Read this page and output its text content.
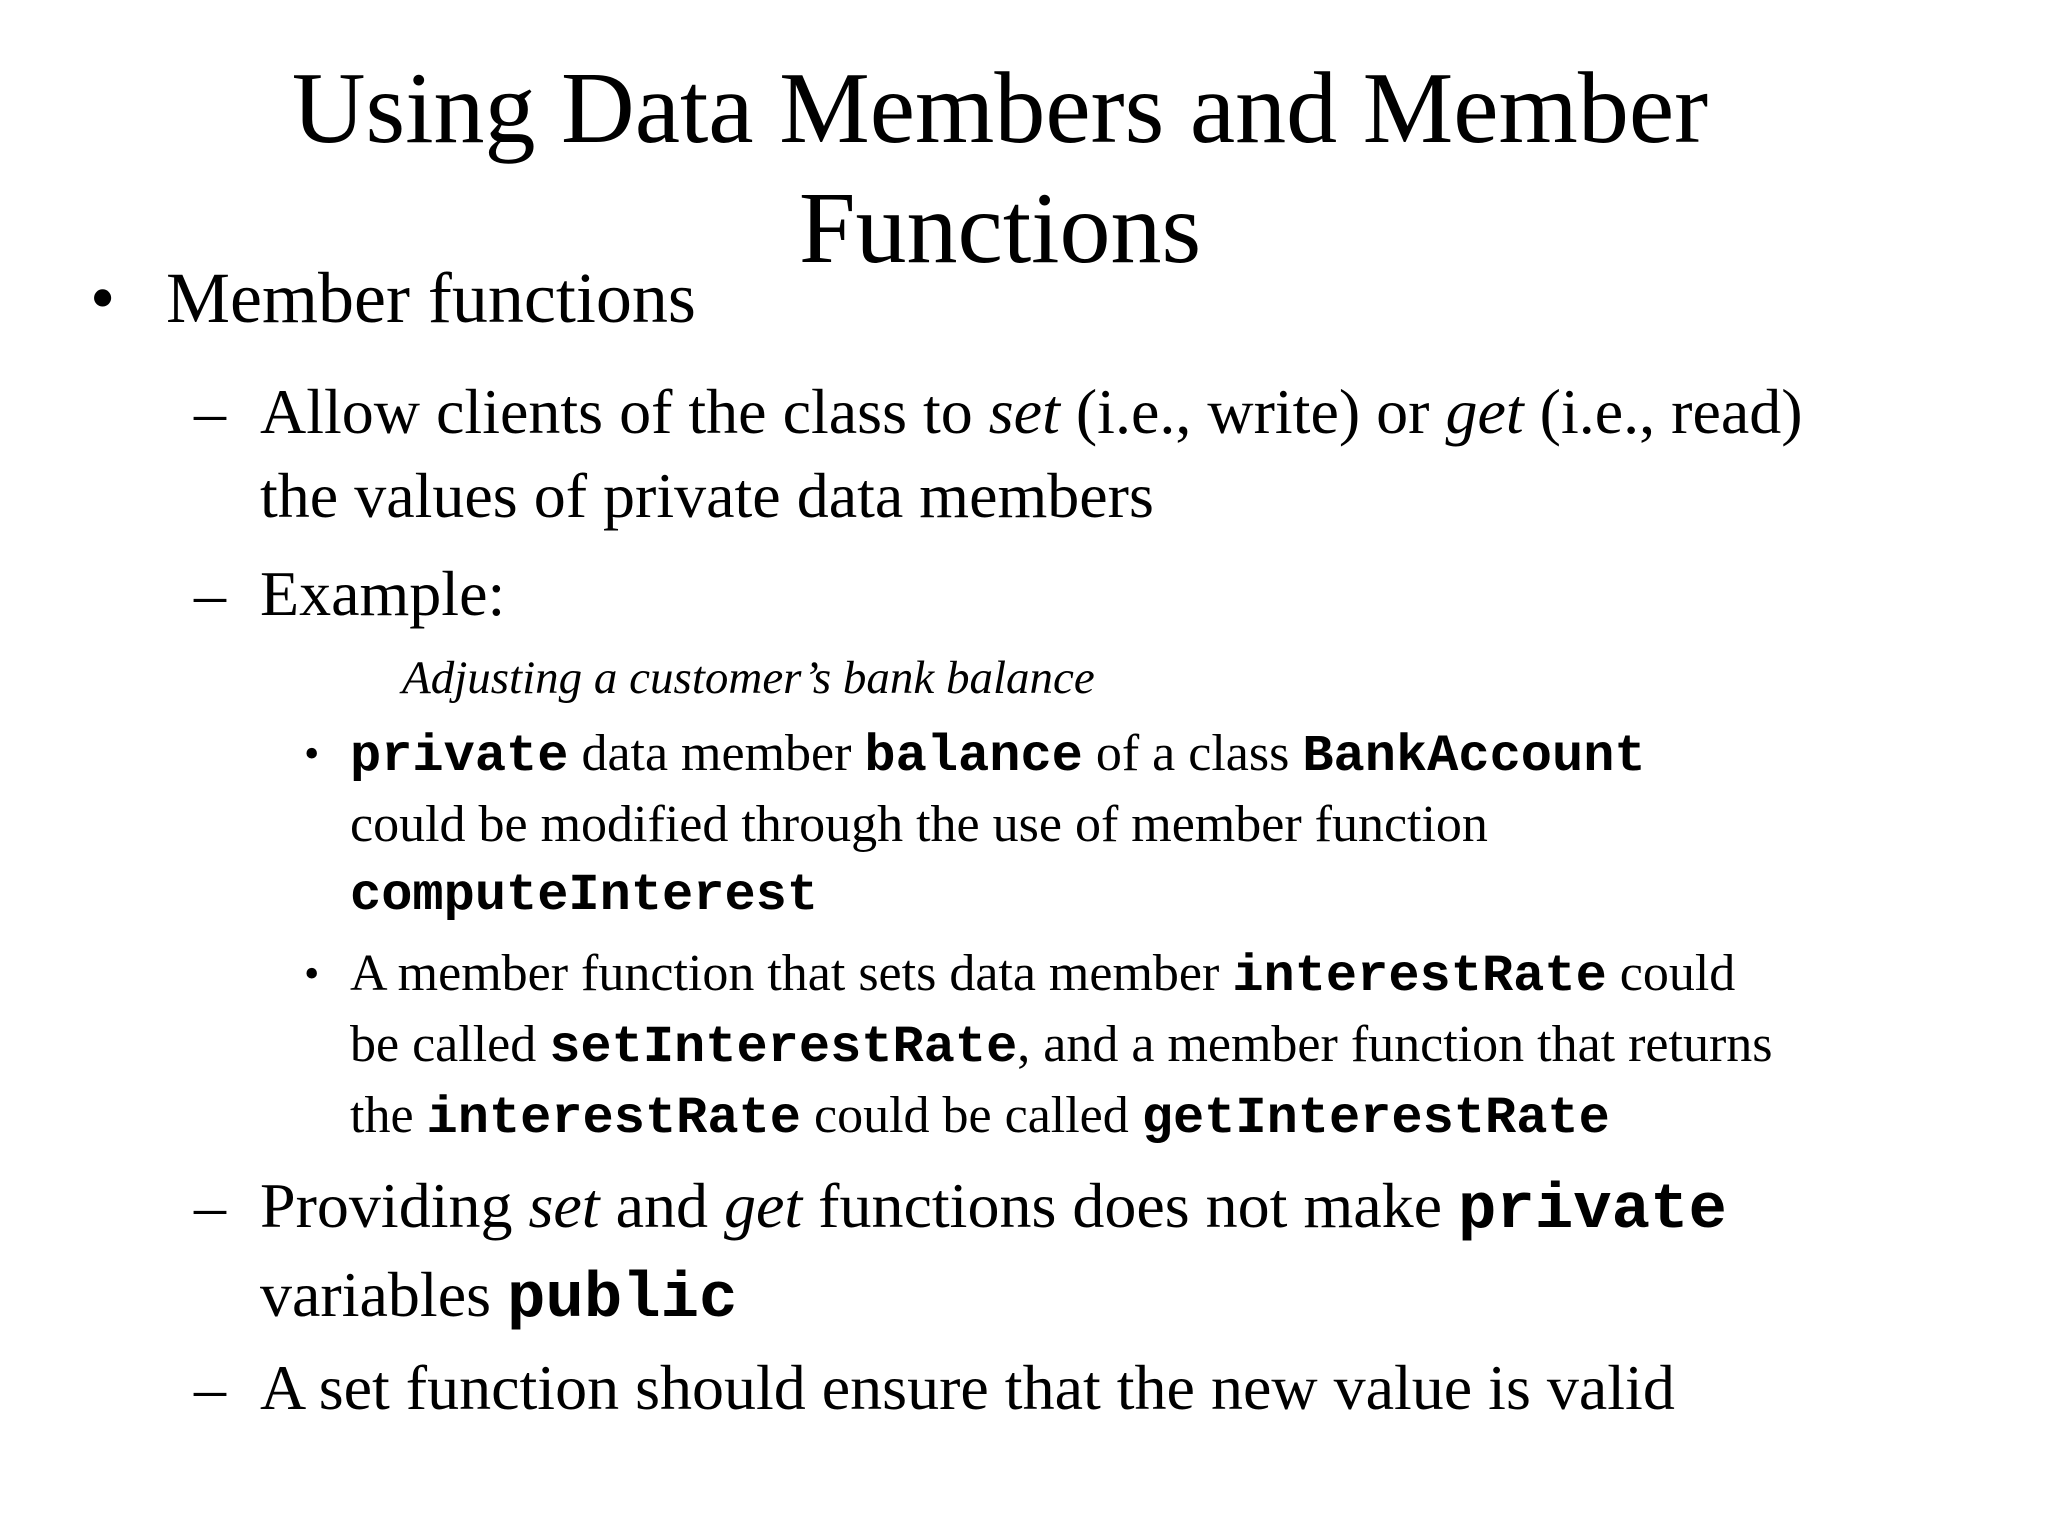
Using Data Members and Member
Functions
• Member functions
– Allow clients of the class to set (i.e., write) or get (i.e., read)
the values of private data members
– Example:
Adjusting a customer’s bank balance
• private data member balance of a class BankAccount
could be modified through the use of member function
computeInterest
• A member function that sets data member interestRate could
be called setInterestRate, and a member function that returns
the interestRate could be called getInterestRate
– Providing set and get functions does not make private
variables public
– A set function should ensure that the new value is valid
